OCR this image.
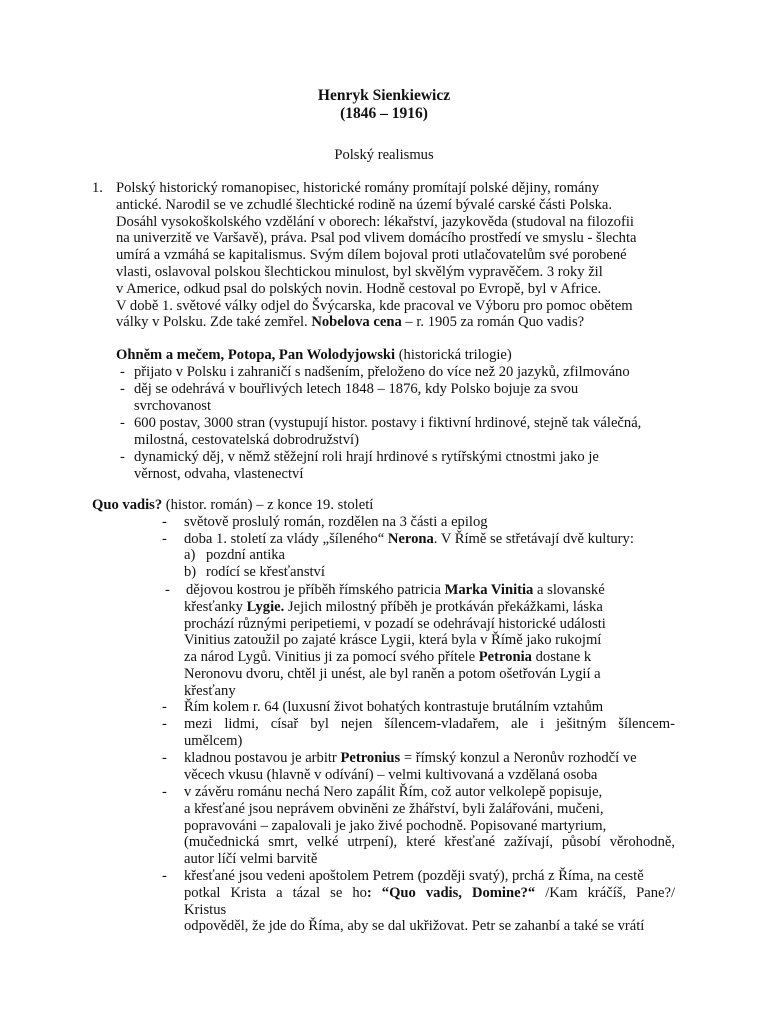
Henryk Sienkiewicz
(1846 – 1916)
Polský realismus
1. Polský historický romanopisec, historické romány promítají polské dějiny, romány
antické. Narodil se ve zchudlé šlechtické rodině na území bývalé carské části Polska.
Dosáhl vysokoškolského vzdělání v oborech: lékařství, jazykověda (studoval na filozofii
na univerzitě ve Varšavě), práva. Psal pod vlivem domácího prostředí ve smyslu - šlechta
umírá a vzmáhá se kapitalismus. Svým dílem bojoval proti utlačovatelům své porobené
vlasti, oslavoval polskou šlechtickou minulost, byl skvělým vypravěčem. 3 roky žil
v Americe, odkud psal do polských novin. Hodně cestoval po Evropě, byl v Africe.
V době 1. světové války odjel do Švýcarska, kde pracoval ve Výboru pro pomoc obětem
války v Polsku. Zde také zemřel. Nobelova cena – r. 1905 za román Quo vadis?
Ohněm a mečem, Potopa, Pan Wolodyjowski (historická trilogie)
- přijato v Polsku i zahraničí s nadšením, přeloženo do více než 20 jazyků, zfilmováno
- děj se odehrává v bouřlivých letech 1848 – 1876, kdy Polsko bojuje za svou
svrchovanost
- 600 postav, 3000 stran (vystupují histor. postavy i fiktivní hrdinové, stejně tak válečná,
milostná, cestovatelská dobrodružství)
- dynamický děj, v němž stěžejní roli hrají hrdinové s rytířskými ctnostmi jako je
věrnost, odvaha, vlastenectví
Quo vadis? (histor. román) – z konce 19. století
- světově proslulý román, rozdělen na 3 části a epilog
- doba 1. století za vlády „šíleného“ Nerona. V Římě se střetávají dvě kultury:
a) pozdní antika
b) rodící se křesťanství
- dějovou kostrou je příběh římského patricia Marka Vinitia a slovanské
křesťanky Lygie. Jejich milostný příběh je protkáván překážkami, láska
prochází různými peripetiemi, v pozadí se odehrávají historické události
Vinitius zatoužil po zajaté krásce Lygii, která byla v Římě jako rukojmí
za národ Lygů. Vinitius ji za pomocí svého přítele Petronia dostane k
Neronovu dvoru, chtěl ji unést, ale byl raněn a potom ošetřován Lygií a
křesťany
- Řím kolem r. 64 (luxusní život bohatých kontrastuje brutálním vztahům
- mezi lidmi, císař byl nejen šílencem-vladařem, ale i ješitným šílencem-
umělcem)
- kladnou postavou je arbitr Petronius = římský konzul a Neronův rozhodčí ve
věcech vkusu (hlavně v odívání) – velmi kultivovaná a vzdělaná osoba
- v závěru románu nechá Nero zapálit Řím, což autor velkolepě popisuje,
a křesťané jsou neprávem obviněni ze žhářství, byli žalářováni, mučeni,
popravováni – zapalovali je jako živé pochodně. Popisované martyrium,
(mučednická smrt, velké utrpení), které křesťané zažívají, působí věrohodně,
autor líčí velmi barvitě
- křesťané jsou vedeni apoštolem Petrem (později svatý), prchá z Říma, na cestě
potkal Krista a tázal se ho: “Quo vadis, Domine?“ /Kam kráčíš, Pane?/
Kristus
odpověděl, že jde do Říma, aby se dal ukřižovat. Petr se zahanbí a také se vrátí
